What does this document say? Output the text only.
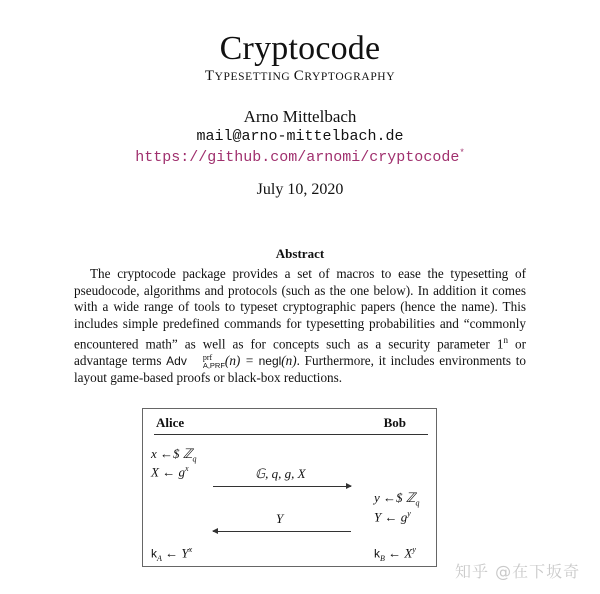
Cryptocode
TYPESETTING CRYPTOGRAPHY
Arno Mittelbach
mail@arno-mittelbach.de
https://github.com/arnomi/cryptocode*
July 10, 2020
Abstract

The cryptocode package provides a set of macros to ease the typesetting of pseudocode, algorithms and protocols (such as the one below). In addition it comes with a wide range of tools to typeset cryptographic papers (hence the name). This includes simple predefined commands for typesetting probabilities and “commonly encountered math” as well as for concepts such as a security parameter 1$^n$ or advantage terms Adv	prf
A,PRF (n) = negl(n). Furthermore, it includes environments to layout game-based proofs or black-box reductions.

Alice	Bob
x ←$ ℤ$_q$
X ← $g^x$	𝔾, q, g, X
y ←$ ℤ$_q$
Y ← $g^y$
Y
$k_A$ ← $Y^x$	$k_B$ ← $X^y$
知乎 @在下坂奇
